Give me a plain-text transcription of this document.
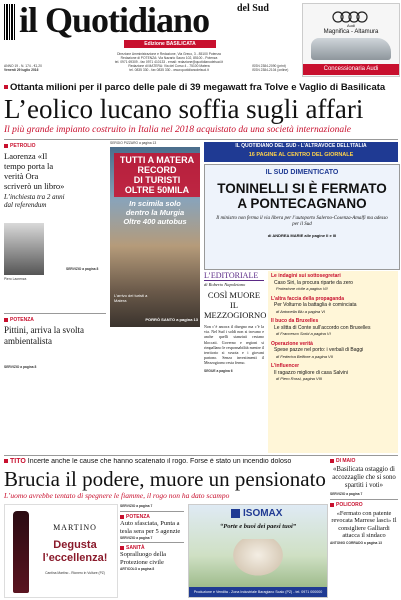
il Quotidiano	del Sud
Edizione BASILICATA
Direzione Amministrazione e Redazione, Via Greco, 3 - 85100 Potenza
Redazione di POTENZA: Via Nazario Sauro 102, 85100 - Potenza
tel. 0971 69309 - fax 0971 410133 - email: redazione@quotidianodelsud.it
Redazione di MATERA: Via del Corso 4 - 75100 Matera
tel. 0835 330 - fax 0835 330 - www.quotidianodelsud.it
ANNO 19 - N. 174 - €1,20
Venerdì 29 luglio 2016
ISSN 2384-2090 (print)
ISSN 2384-2104 (online)
Audi
Magnifica - Altamura
Concessionaria Audi
Ottanta milioni per il parco delle pale di 39 megawatt fra Tolve e Vaglio di Basilicata
L’eolico lucano soffia sugli affari
Il più grande impianto costruito in Italia nel 2018 acquistato da una società internazionale
PETROLIO
Laorenza «Il tempo porta la verità Ora scriverò un libro»
L’inchiesta tra 2 anni dal referendum
Piero Laorenza
SERVIZIO a pagina 8
POTENZA
Pittini, arriva la svolta ambientalista
SERVIZIO a pagina 8
SERGIO PIZZARO a pagina 13
TUTTI A MATERA
RECORD
DI TURISTI
OLTRE 50MILA
In scimila solo
dentro la Murgia
Oltre 400 autobus
L’arrivo dei turisti a Matera
PORRÒ SANTO a pagina 13
IL QUOTIDIANO DEL SUD - L’ALTRAVOCE DELL’ITALIA
16 PAGINE AL CENTRO DEL GIORNALE
IL SUD DIMENTICATO
TONINELLI SI È FERMATO A PONTECAGNANO
Il ministro non ferma il via libera per l’autoporto Salerno-Cosenza-Amalfi ma adesso per il Sud
di ANDREA MARIE alle pagine II e III
L’EDITORIALE
di Roberto Napoletano
COSÌ MUORE IL MEZZOGIORNO
Non c’è ancora il disegno ma c’è la via. Nel Sud i soldi non si trovano e anche quelli stanziati restano bloccati. Governo e regioni si rimpallano le responsabilità mentre il territorio si svuota e i giovani partono. Senza investimenti il Mezzogiorno resta fermo.
SEGUE a pagina 6
Le indagini sui sottosegretari
Caso Siri, la procura riparte da zero
Protezione civile a pagina VII
L’altra faccia della propaganda
Per Volturno la battaglia è cominciata
di Antonella Blu a pagina VI
Il buco da Bruxelles
Le slitta di Conte sull’accordo con Bruxelles
di Francesco Sorbi a pagina VI
Operazione verità
Spese pazze nel porto: i verbali di Baggi
di Federica Belfiore a pagina VII
L’influencer
Il ragazzo migliore di casa Salvini
di Piero Rossi, pagina VIII
TITO Incerte anche le cause che hanno scatenato il rogo. Forse è stato un incendio doloso
Brucia il podere, muore un pensionato
L’uomo avrebbe tentato di spegnere le fiamme, il rogo non ha dato scampo
MARTINO
Degusta
l’eccellenza!
Cantina Martino - Rionero in Vulture (PZ)
SERVIZIO a pagina 7
POTENZA
Auto sfasciata, Punta a tesla sera per 5 agenzie
SERVIZIO a pagina 7
SANITÀ
Sopralluogo della Protezione civile
ARTICOLO a pagina 8
ISOMAX
“Porte e buoi dei paesi tuoi”
Produzione e Vendita - Zona Industriale Baragiano Scalo (PZ) - tel. 0971 000000
DI MAIO
«Basilicata ostaggio di accozzaglie che si sono spartiti i voti»
SERVIZIO a pagina 7
POLICORO
«Fermato con patente revocata Marrese lasci» Il consigliere Galliardi attacca il sindaco
ANTONIO CORRADO a pagina 13
